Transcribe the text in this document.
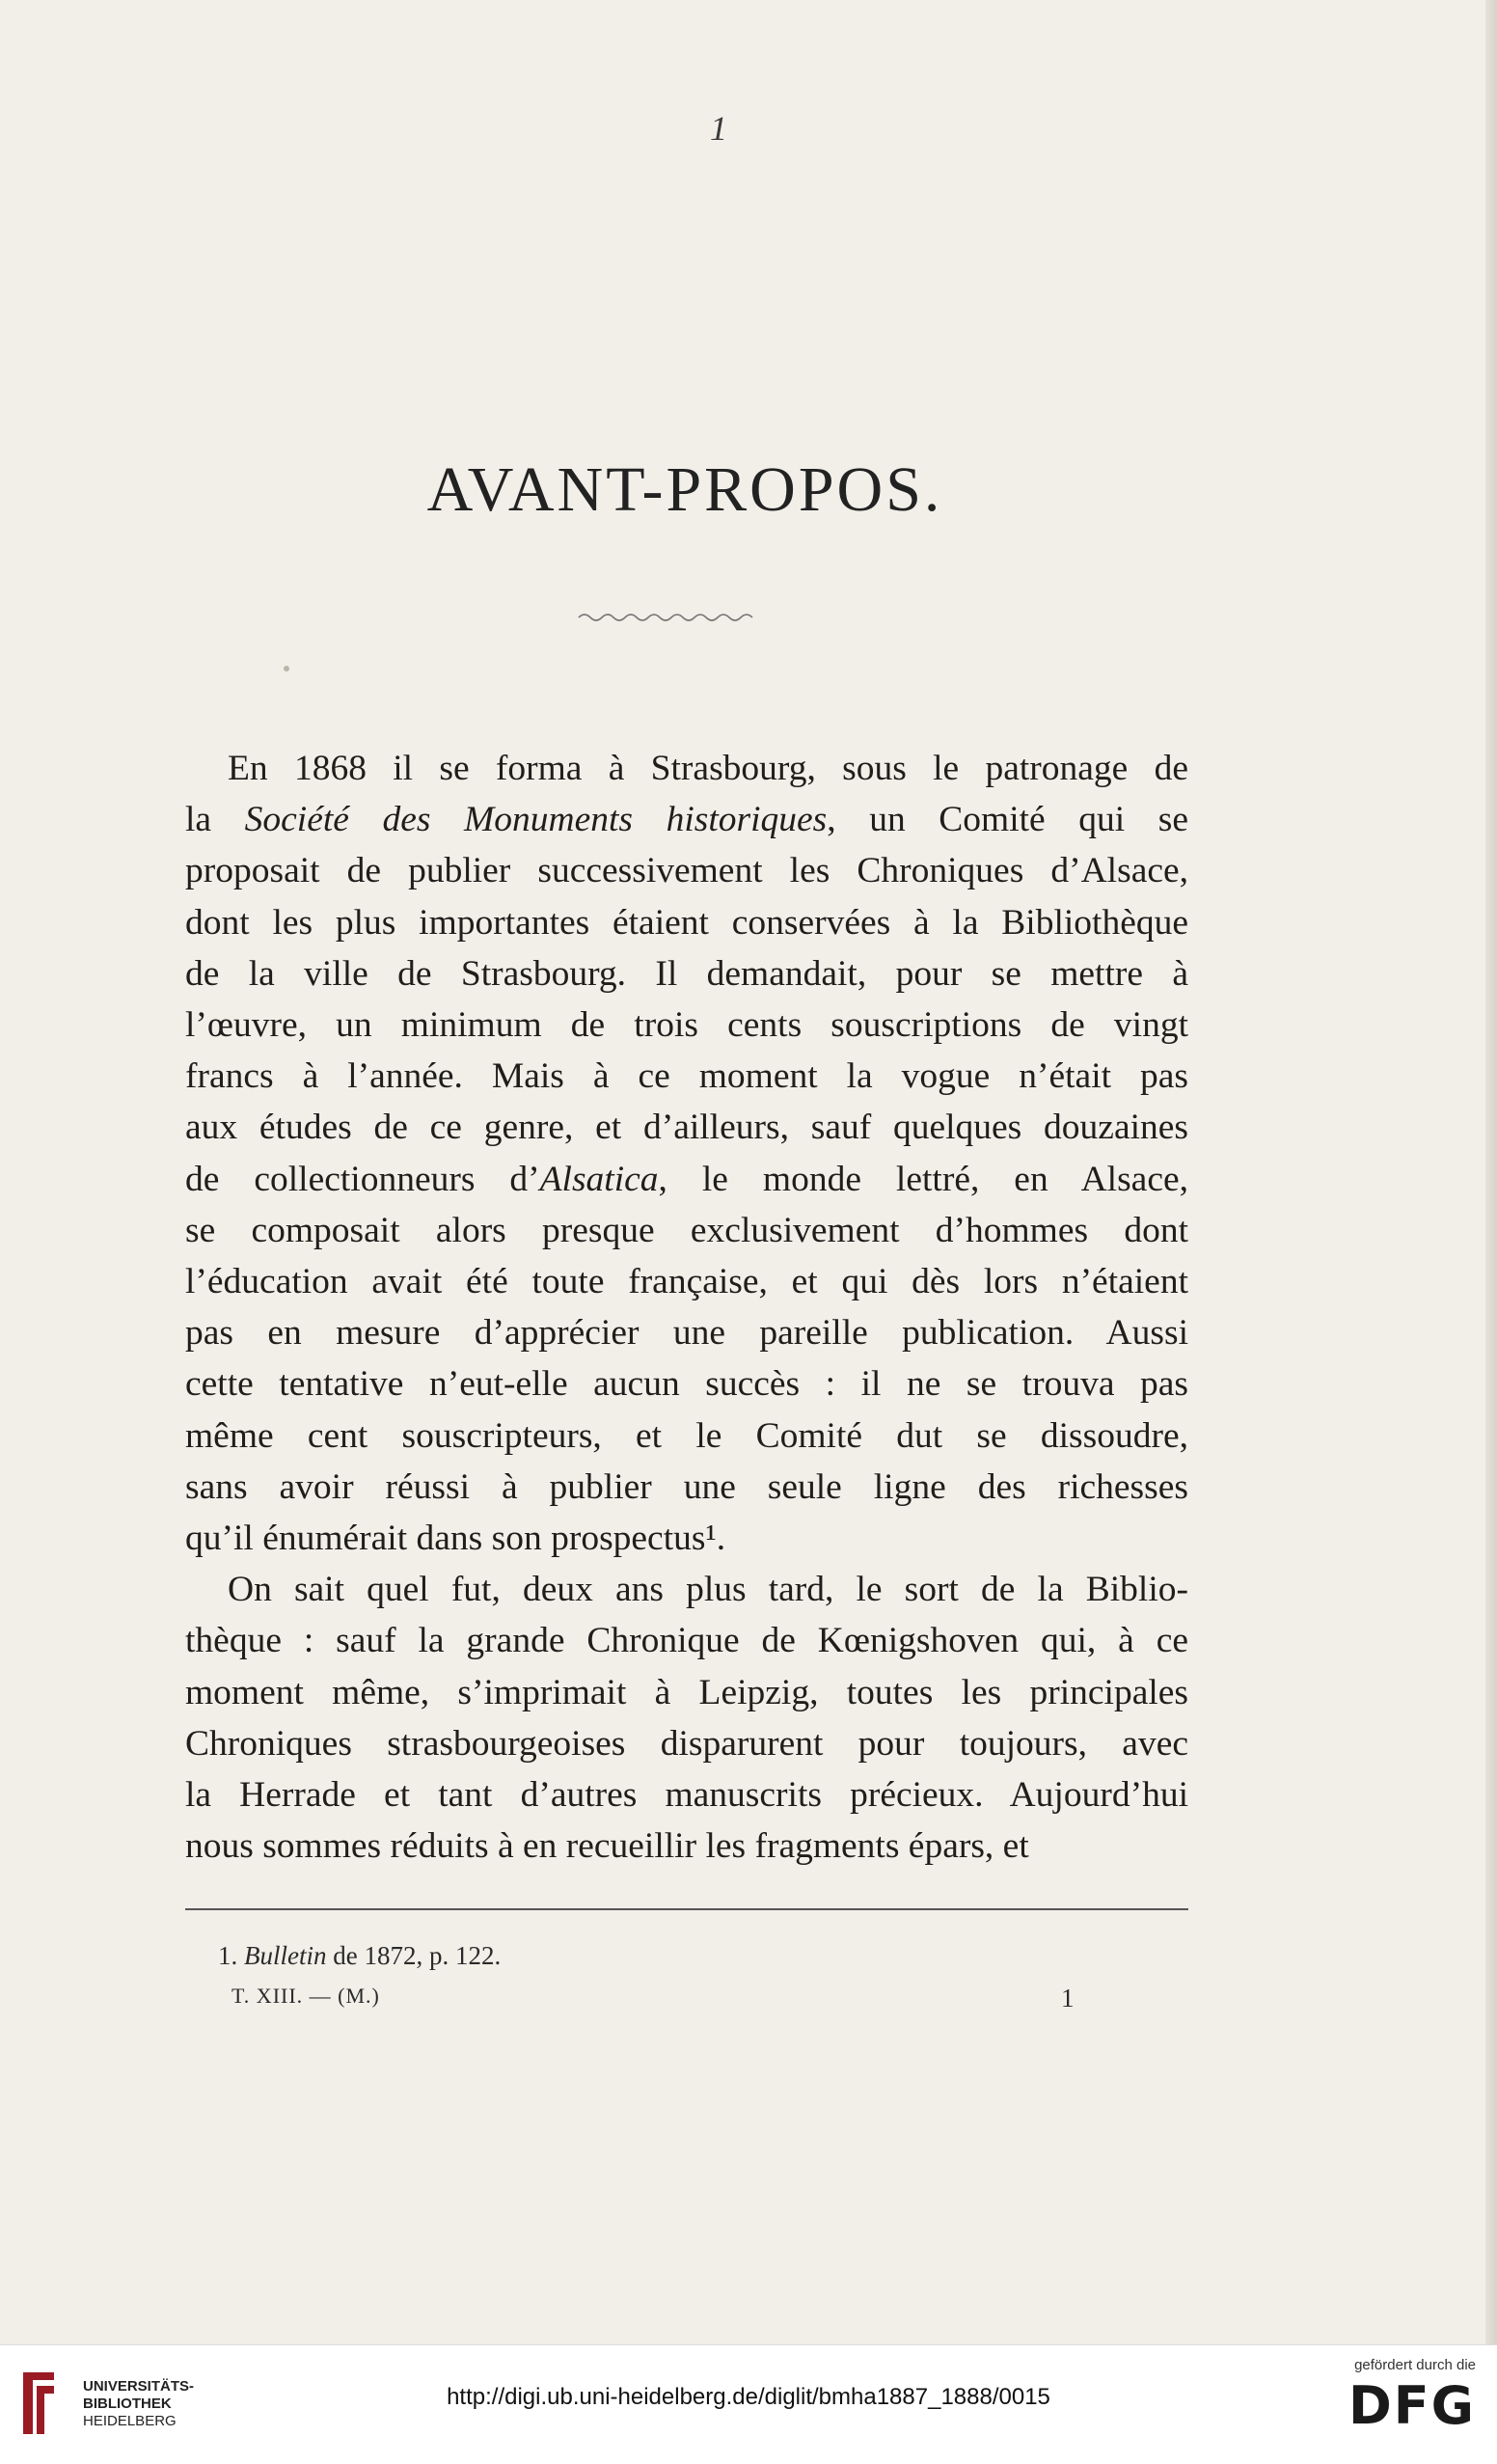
1
AVANT-PROPOS.

En 1868 il se forma à Strasbourg, sous le patronage de
la Société des Monuments historiques, un Comité qui se
proposait de publier successivement les Chroniques d’Alsace,
dont les plus importantes étaient conservées à la Bibliothèque
de la ville de Strasbourg. Il demandait, pour se mettre à
l’œuvre, un minimum de trois cents souscriptions de vingt
francs à l’année. Mais à ce moment la vogue n’était pas
aux études de ce genre, et d’ailleurs, sauf quelques douzaines
de collectionneurs d’Alsatica, le monde lettré, en Alsace,
se composait alors presque exclusivement d’hommes dont
l’éducation avait été toute française, et qui dès lors n’étaient
pas en mesure d’apprécier une pareille publication. Aussi
cette tentative n’eut-elle aucun succès : il ne se trouva pas
même cent souscripteurs, et le Comité dut se dissoudre,
sans avoir réussi à publier une seule ligne des richesses
qu’il énumérait dans son prospectus¹.

On sait quel fut, deux ans plus tard, le sort de la Biblio-
thèque : sauf la grande Chronique de Kœnigshoven qui, à ce
moment même, s’imprimait à Leipzig, toutes les principales
Chroniques strasbourgeoises disparurent pour toujours, avec
la Herrade et tant d’autres manuscrits précieux. Aujourd’hui
nous sommes réduits à en recueillir les fragments épars, et

1. Bulletin de 1872, p. 122.
T. XIII. — (M.)	1
UNIVERSITÄTS-
BIBLIOTHEK
HEIDELBERG
http://digi.ub.uni-heidelberg.de/diglit/bmha1887_1888/0015
gefördert durch die
DFG
